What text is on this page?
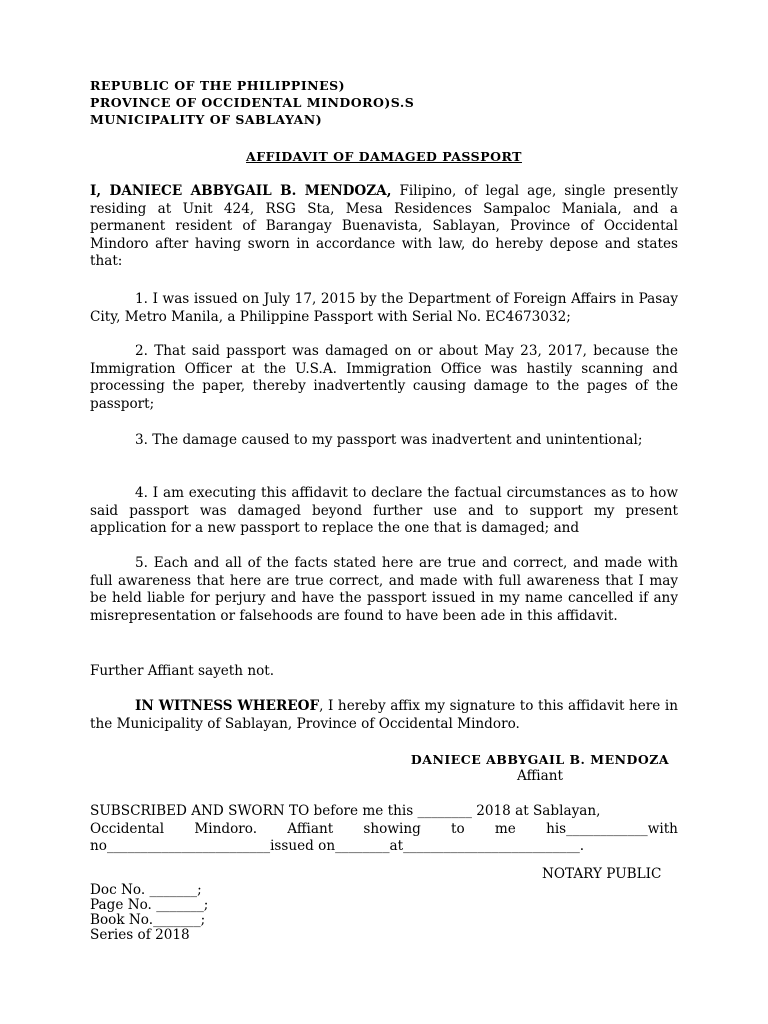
REPUBLIC OF THE PHILIPPINES)
PROVINCE OF OCCIDENTAL MINDORO)S.S
MUNICIPALITY OF SABLAYAN)
AFFIDAVIT OF DAMAGED PASSPORT
I, DANIECE ABBYGAIL B. MENDOZA, Filipino, of legal age, single presently residing at Unit 424, RSG Sta, Mesa Residences Sampaloc Maniala, and a permanent resident of Barangay Buenavista, Sablayan, Province of Occidental Mindoro after having sworn in accordance with law, do hereby depose and states that:
1. I was issued on July 17, 2015 by the Department of Foreign Affairs in Pasay City, Metro Manila, a Philippine Passport with Serial No. EC4673032;
2. That said passport was damaged on or about May 23, 2017, because the Immigration Officer at the U.S.A. Immigration Office was hastily scanning and processing the paper, thereby inadvertently causing damage to the pages of the passport;
3. The damage caused to my passport was inadvertent and unintentional;
4. I am executing this affidavit to declare the factual circumstances as to how said passport was damaged beyond further use and to support my present application for a new passport to replace the one that is damaged; and
5. Each and all of the facts stated here are true and correct, and made with full awareness that here are true correct, and made with full awareness that I may be held liable for perjury and have the passport issued in my name cancelled if any misrepresentation or falsehoods are found to have been ade in this affidavit.
Further Affiant sayeth not.
IN WITNESS WHEREOF, I hereby affix my signature to this affidavit here in the Municipality of Sablayan, Province of Occidental Mindoro.
DANIECE ABBYGAIL B. MENDOZA
Affiant
SUBSCRIBED AND SWORN TO before me this ________ 2018 at Sablayan,
Occidental Mindoro. Affiant showing to me his____________with
no________________________issued on________at__________________________.
NOTARY PUBLIC
Doc No. _______;
Page No. _______;
Book No._______;
Series of 2018
